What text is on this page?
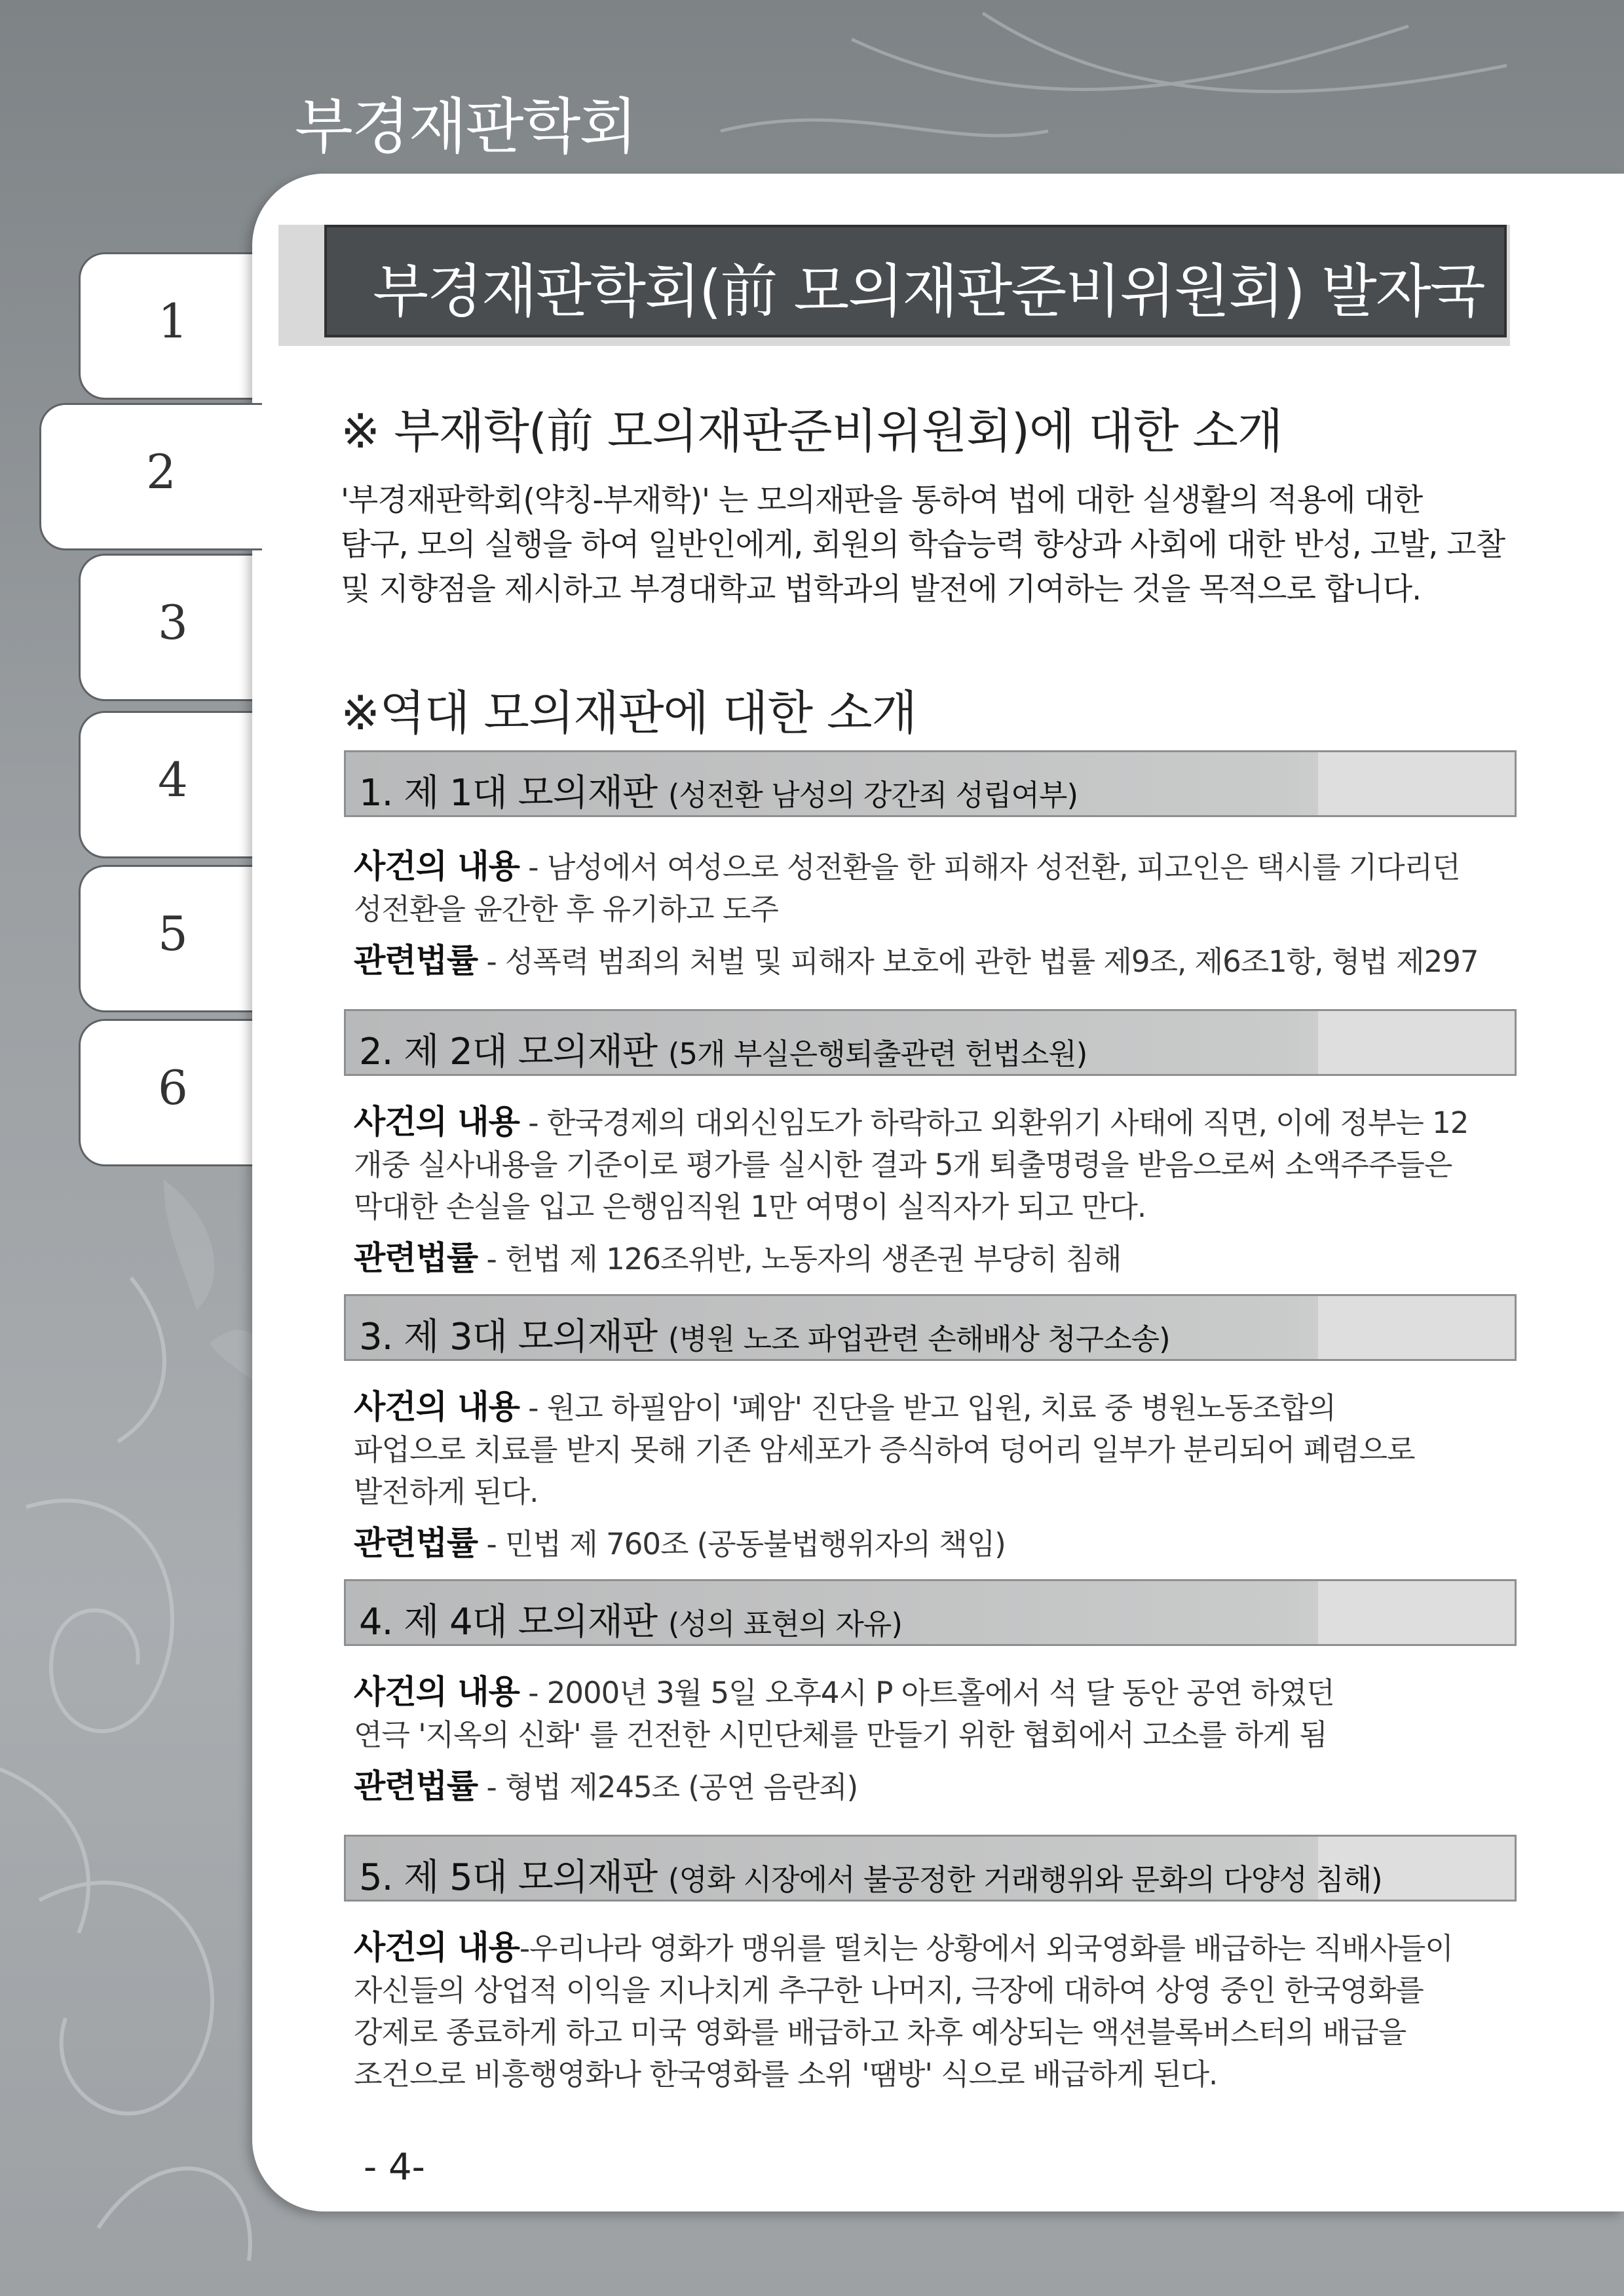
부경재판학회
1
2
3
4
5
6
부경재판학회(前 모의재판준비위원회) 발자국
※ 부재학(前 모의재판준비위원회)에 대한 소개
'부경재판학회(약칭-부재학)' 는 모의재판을 통하여 법에 대한 실생활의 적용에 대한
탐구, 모의 실행을 하여 일반인에게, 회원의 학습능력 향상과 사회에 대한 반성, 고발, 고찰
및 지향점을 제시하고 부경대학교 법학과의 발전에 기여하는 것을 목적으로 합니다.
※역대 모의재판에 대한 소개
1. 제 1대 모의재판 (성전환 남성의 강간죄 성립여부)
사건의 내용 - 남성에서 여성으로 성전환을 한 피해자 성전환, 피고인은 택시를 기다리던
성전환을 윤간한 후 유기하고 도주
관련법률 - 성폭력 범죄의 처벌 및 피해자 보호에 관한 법률 제9조, 제6조1항, 형법 제297
2. 제 2대 모의재판 (5개 부실은행퇴출관련 헌법소원)
사건의 내용 - 한국경제의 대외신임도가 하락하고 외환위기 사태에 직면, 이에 정부는 12
개중 실사내용을 기준이로 평가를 실시한 결과 5개 퇴출명령을 받음으로써 소액주주들은
막대한 손실을 입고 은행임직원 1만 여명이 실직자가 되고 만다.
관련법률 - 헌법 제 126조위반, 노동자의 생존권 부당히 침해
3. 제 3대 모의재판 (병원 노조 파업관련 손해배상 청구소송)
사건의 내용 - 원고 하필암이 '폐암' 진단을 받고 입원, 치료 중 병원노동조합의
파업으로 치료를 받지 못해 기존 암세포가 증식하여 덩어리 일부가 분리되어 폐렴으로
발전하게 된다.
관련법률 - 민법 제 760조 (공동불법행위자의 책임)
4. 제 4대 모의재판 (성의 표현의 자유)
사건의 내용 - 2000년 3월 5일 오후4시 P 아트홀에서 석 달 동안 공연 하였던
연극 '지옥의 신화' 를 건전한 시민단체를 만들기 위한 협회에서 고소를 하게 됨
관련법률 - 형법 제245조 (공연 음란죄)
5. 제 5대 모의재판 (영화 시장에서 불공정한 거래행위와 문화의 다양성 침해)
사건의 내용-우리나라 영화가 맹위를 떨치는 상황에서 외국영화를 배급하는 직배사들이
자신들의 상업적 이익을 지나치게 추구한 나머지, 극장에 대하여 상영 중인 한국영화를
강제로 종료하게 하고 미국 영화를 배급하고 차후 예상되는 액션블록버스터의 배급을
조건으로 비흥행영화나 한국영화를 소위 '땜방' 식으로 배급하게 된다.
- 4-
